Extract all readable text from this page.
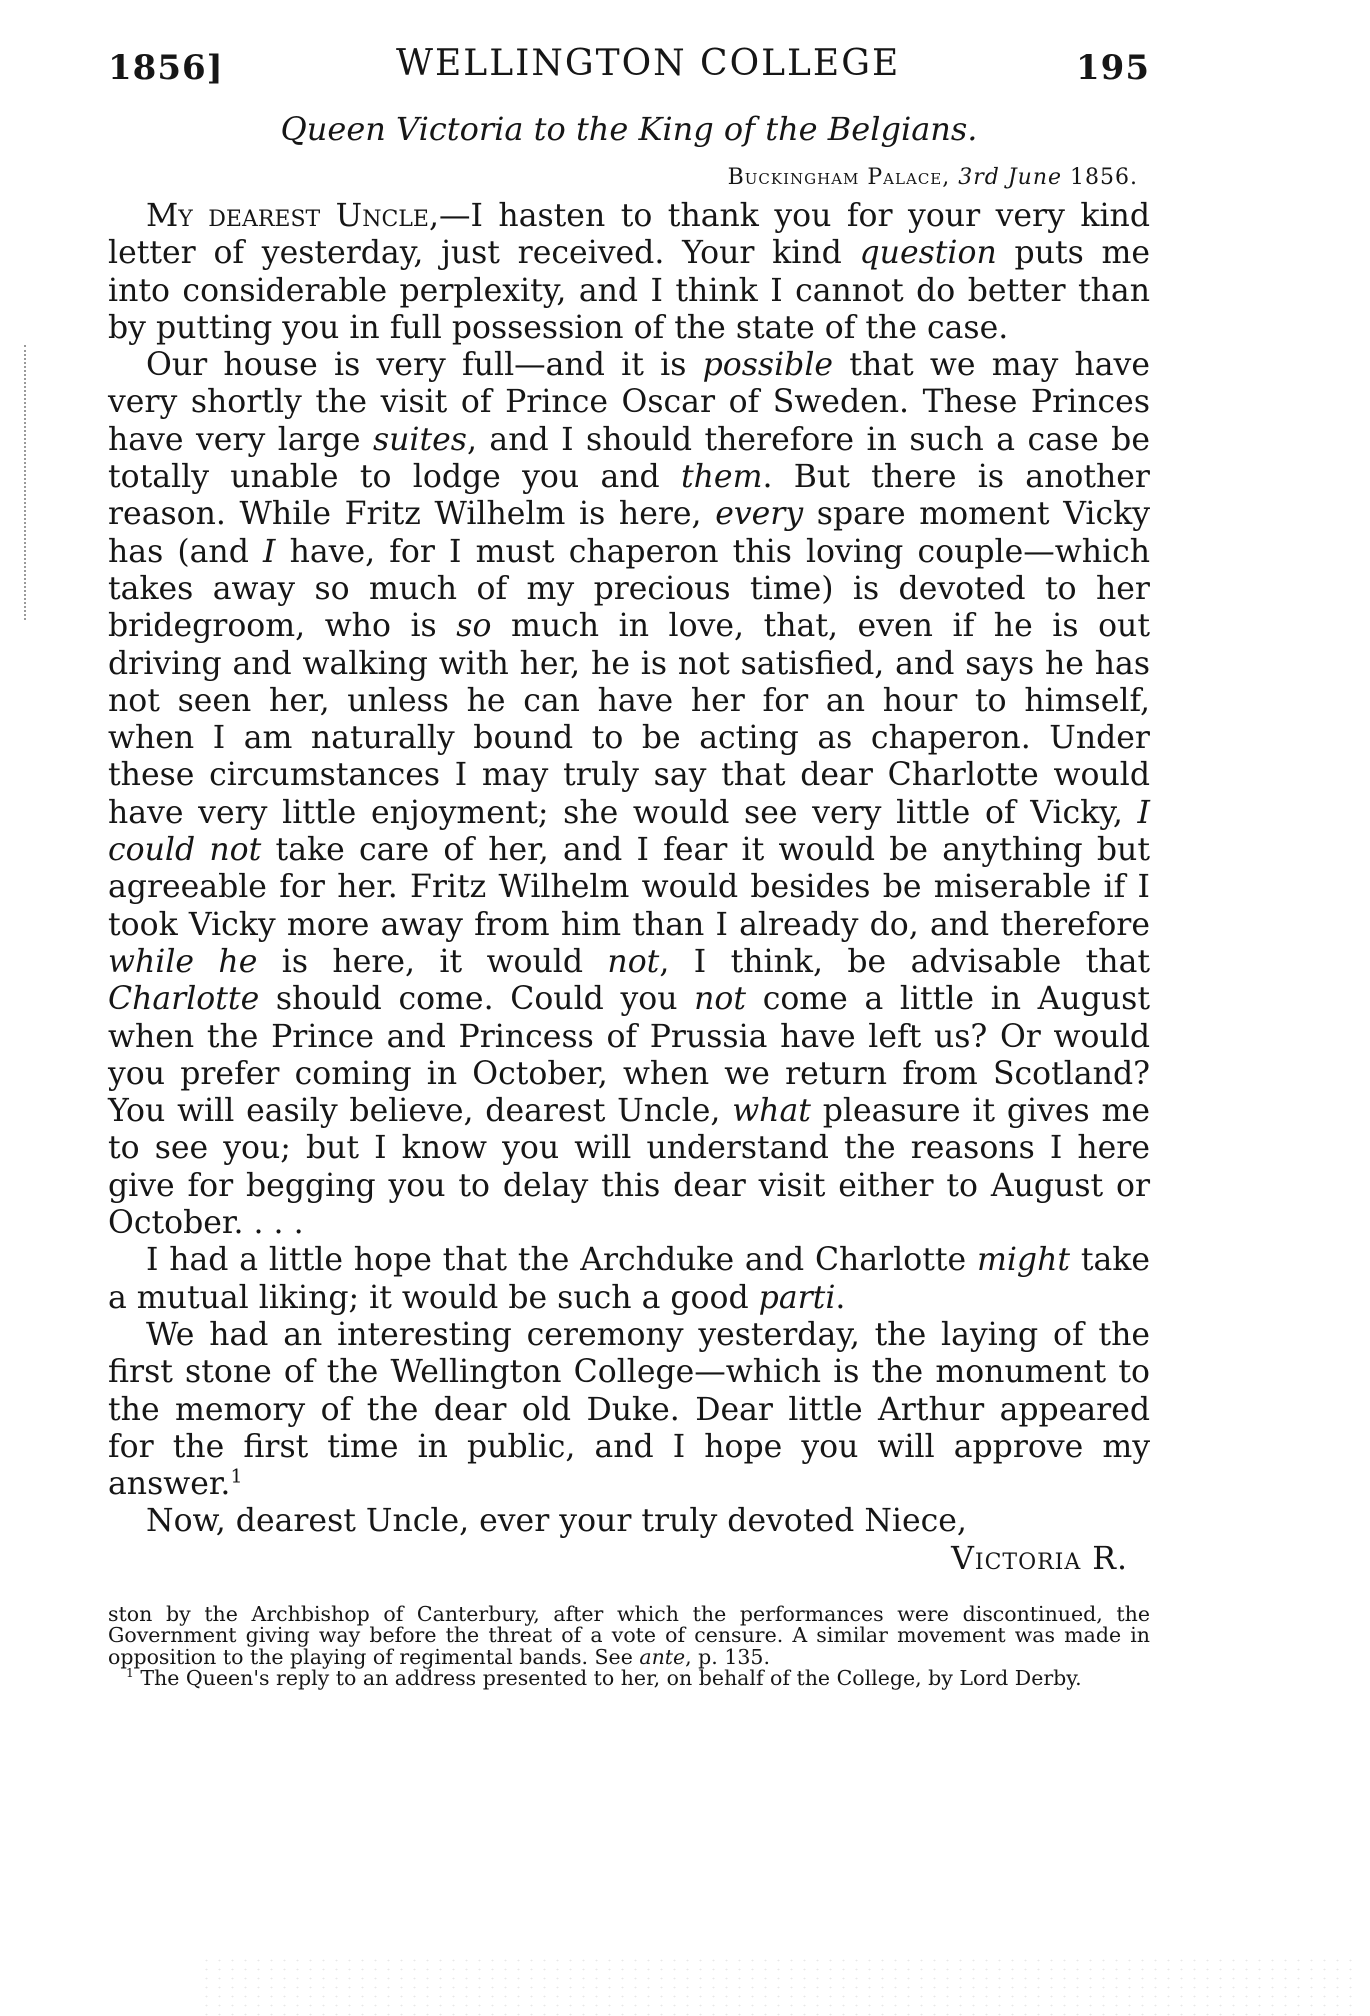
1856]	WELLINGTON COLLEGE	195
Queen Victoria to the King of the Belgians.
Buckingham Palace, 3rd June 1856.

My dearest Uncle,—I hasten to thank you for your very kind letter of yesterday, just received. Your kind question puts me into considerable perplexity, and I think I cannot do better than by putting you in full possession of the state of the case.

Our house is very full—and it is possible that we may have very shortly the visit of Prince Oscar of Sweden. These Princes have very large suites, and I should therefore in such a case be totally unable to lodge you and them. But there is another reason. While Fritz Wilhelm is here, every spare moment Vicky has (and I have, for I must chaperon this loving couple—which takes away so much of my precious time) is devoted to her bridegroom, who is so much in love, that, even if he is out driving and walking with her, he is not satisfied, and says he has not seen her, unless he can have her for an hour to himself, when I am naturally bound to be acting as chaperon. Under these circumstances I may truly say that dear Charlotte would have very little enjoyment; she would see very little of Vicky, I could not take care of her, and I fear it would be anything but agreeable for her. Fritz Wilhelm would besides be miserable if I took Vicky more away from him than I already do, and therefore while he is here, it would not, I think, be advisable that Charlotte should come. Could you not come a little in August when the Prince and Princess of Prussia have left us? Or would you prefer coming in October, when we return from Scotland? You will easily believe, dearest Uncle, what pleasure it gives me to see you; but I know you will understand the reasons I here give for begging you to delay this dear visit either to August or October. . . .

I had a little hope that the Archduke and Charlotte might take a mutual liking; it would be such a good parti.

We had an interesting ceremony yesterday, the laying of the first stone of the Wellington College—which is the monument to the memory of the dear old Duke. Dear little Arthur appeared for the first time in public, and I hope you will approve my answer.$^1$

Now, dearest Uncle, ever your truly devoted Niece,

Victoria R.

ston by the Archbishop of Canterbury, after which the performances were discontinued, the Government giving way before the threat of a vote of censure. A similar movement was made in opposition to the playing of regimental bands. See ante, p. 135.

$^1$ The Queen's reply to an address presented to her, on behalf of the College, by Lord Derby.
